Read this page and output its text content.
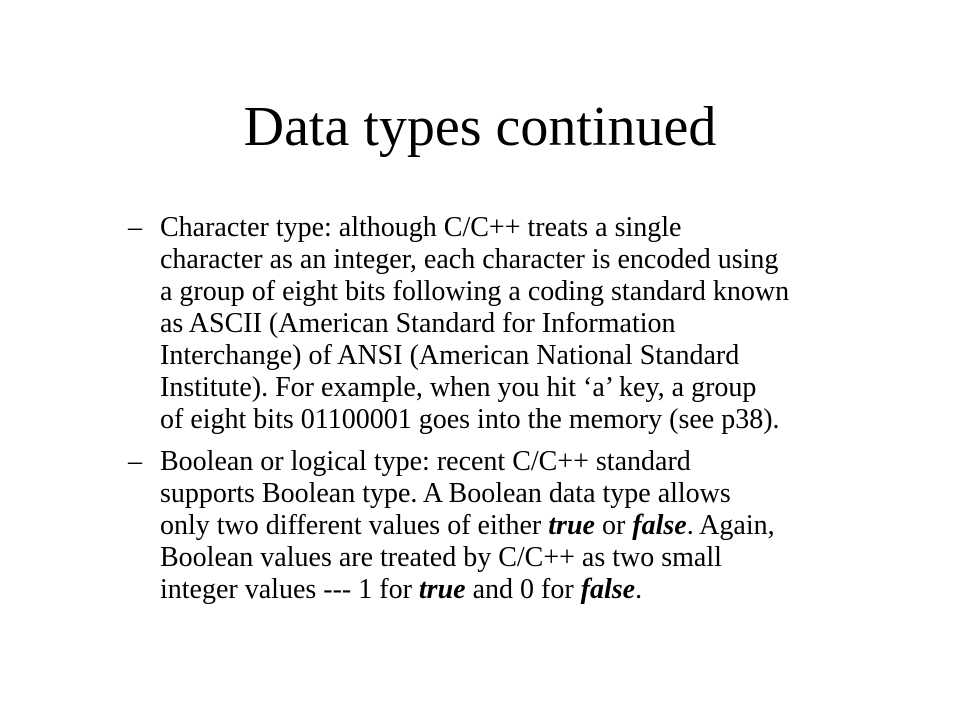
Data types continued
– Character type: although C/C++ treats a single
character as an integer, each character is encoded using
a group of eight bits following a coding standard known
as ASCII (American Standard for Information
Interchange) of ANSI (American National Standard
Institute). For example, when you hit ‘a’ key, a group
of eight bits 01100001 goes into the memory (see p38).
– Boolean or logical type: recent C/C++ standard
supports Boolean type. A Boolean data type allows
only two different values of either true or false. Again,
Boolean values are treated by C/C++ as two small
integer values --- 1 for true and 0 for false.
